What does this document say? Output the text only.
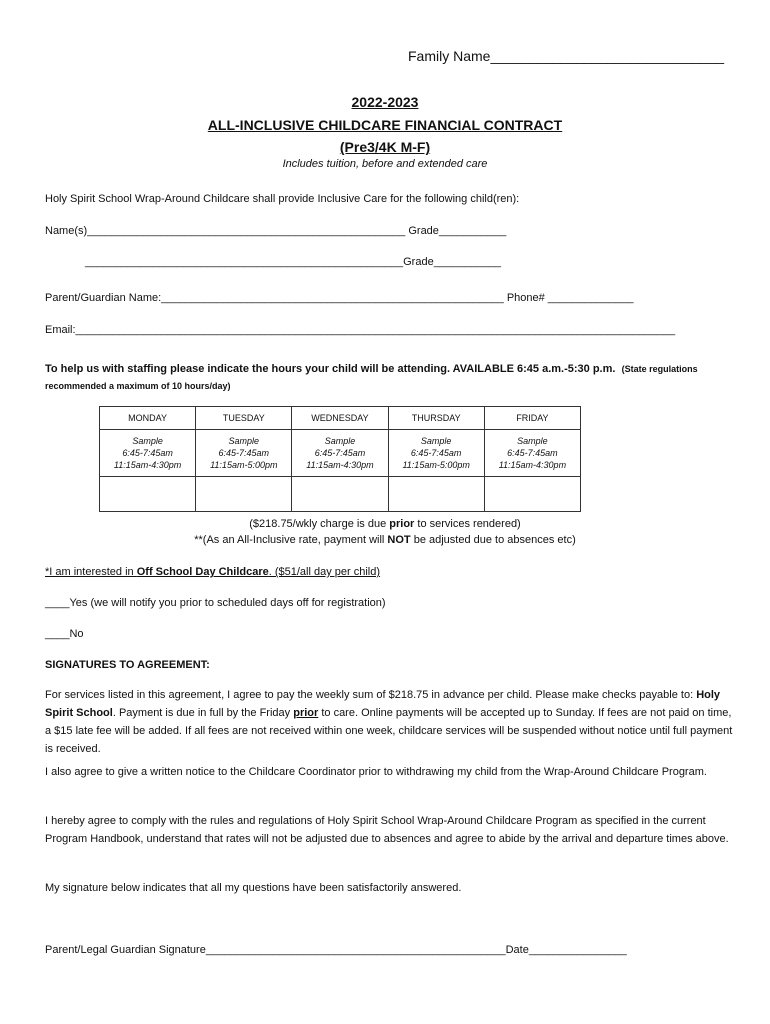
Family Name______________________________
2022-2023
ALL-INCLUSIVE CHILDCARE FINANCIAL CONTRACT
(Pre3/4K M-F)
Includes tuition, before and extended care
Holy Spirit School Wrap-Around Childcare shall provide Inclusive Care for the following child(ren):
Name(s)____________________________________________________ Grade___________
____________________________________________________Grade___________
Parent/Guardian Name:________________________________________________________ Phone# ______________
Email:__________________________________________________________________________________________________
To help us with staffing please indicate the hours your child will be attending. AVAILABLE 6:45 a.m.-5:30 p.m. (State regulations
recommended a maximum of 10 hours/day)
MONDAY	TUESDAY	WEDNESDAY	THURSDAY	FRIDAY
Sample
6:45-7:45am
11:15am-4:30pm	Sample
6:45-7:45am
11:15am-5:00pm	Sample
6:45-7:45am
11:15am-4:30pm	Sample
6:45-7:45am
11:15am-5:00pm	Sample
6:45-7:45am
11:15am-4:30pm

($218.75/wkly charge is due prior to services rendered)
**(As an All-Inclusive rate, payment will NOT be adjusted due to absences etc)
*I am interested in Off School Day Childcare. ($51/all day per child)
____Yes (we will notify you prior to scheduled days off for registration)
____No
SIGNATURES TO AGREEMENT:
For services listed in this agreement, I agree to pay the weekly sum of $218.75 in advance per child. Please make checks payable to: Holy Spirit School. Payment is due in full by the Friday prior to care. Online payments will be accepted up to Sunday. If fees are not paid on time, a $15 late fee will be added. If all fees are not received within one week, childcare services will be suspended without notice until full payment is received.
I also agree to give a written notice to the Childcare Coordinator prior to withdrawing my child from the Wrap-Around Childcare Program.
I hereby agree to comply with the rules and regulations of Holy Spirit School Wrap-Around Childcare Program as specified in the current Program Handbook, understand that rates will not be adjusted due to absences and agree to abide by the arrival and departure times above.
My signature below indicates that all my questions have been satisfactorily answered.
Parent/Legal Guardian Signature_________________________________________________Date________________
